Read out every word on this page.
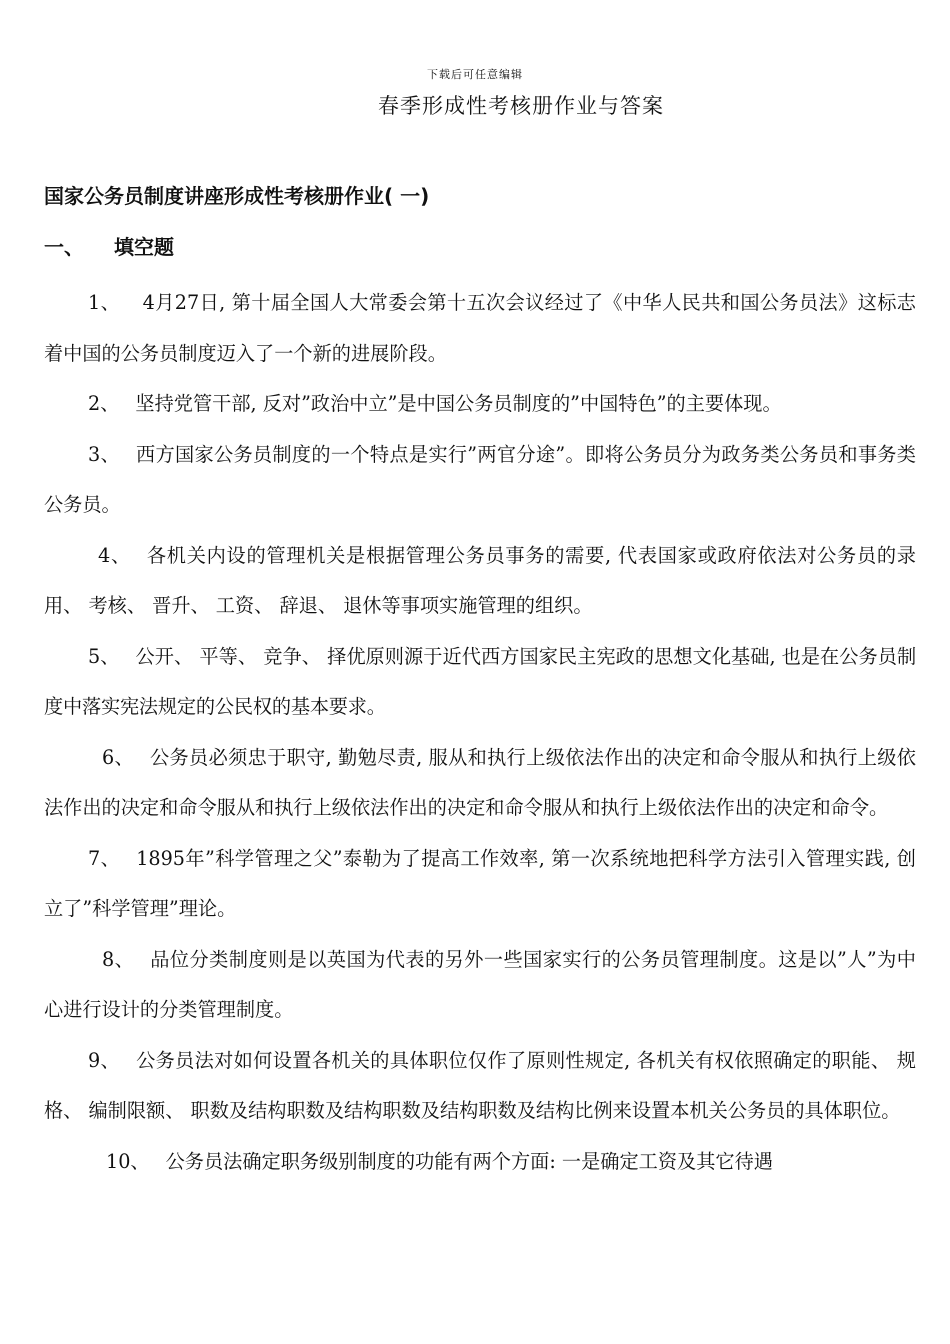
下载后可任意编辑
春季形成性考核册作业与答案
国家公务员制度讲座形成性考核册作业( 一)
一、 填空题

1、 4月27日, 第十届全国人大常委会第十五次会议经过了《中华人民共和国公务员法》这标志着中国的公务员制度迈入了一个新的进展阶段。

2、 坚持党管干部, 反对”政治中立”是中国公务员制度的”中国特色”的主要体现。

3、 西方国家公务员制度的一个特点是实行”两官分途”。即将公务员分为政务类公务员和事务类公务员。

4、 各机关内设的管理机关是根据管理公务员事务的需要, 代表国家或政府依法对公务员的录用、 考核、 晋升、 工资、 辞退、 退休等事项实施管理的组织。

5、 公开、 平等、 竞争、 择优原则源于近代西方国家民主宪政的思想文化基础, 也是在公务员制度中落实宪法规定的公民权的基本要求。

6、 公务员必须忠于职守, 勤勉尽责, 服从和执行上级依法作出的决定和命令服从和执行上级依法作出的决定和命令服从和执行上级依法作出的决定和命令服从和执行上级依法作出的决定和命令。

7、 1895年”科学管理之父”泰勒为了提高工作效率, 第一次系统地把科学方法引入管理实践, 创立了”科学管理”理论。

8、 品位分类制度则是以英国为代表的另外一些国家实行的公务员管理制度。这是以”人”为中心进行设计的分类管理制度。

9、 公务员法对如何设置各机关的具体职位仅作了原则性规定, 各机关有权依照确定的职能、 规格、 编制限额、 职数及结构职数及结构职数及结构职数及结构比例来设置本机关公务员的具体职位。

10、 公务员法确定职务级别制度的功能有两个方面: 一是确定工资及其它待遇
